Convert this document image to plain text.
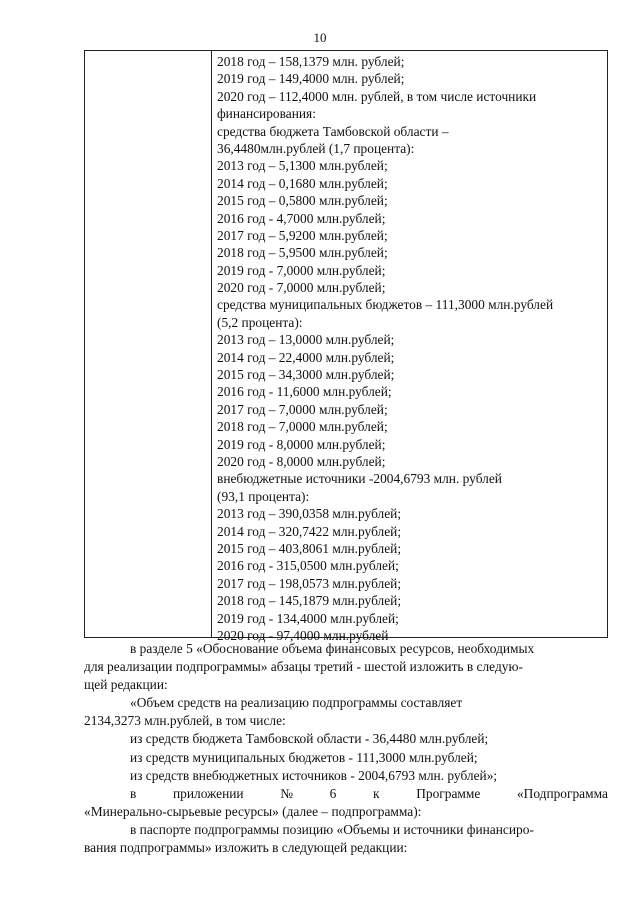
10
2018 год – 158,1379 млн. рублей;
2019 год – 149,4000 млн. рублей;
2020 год – 112,4000 млн. рублей, в том числе источники
финансирования:
средства бюджета Тамбовской области –
36,4480млн.рублей (1,7 процента):
2013 год – 5,1300 млн.рублей;
2014 год – 0,1680 млн.рублей;
2015 год – 0,5800 млн.рублей;
2016 год - 4,7000 млн.рублей;
2017 год – 5,9200 млн.рублей;
2018 год – 5,9500 млн.рублей;
2019 год - 7,0000 млн.рублей;
2020 год - 7,0000 млн.рублей;
средства муниципальных бюджетов – 111,3000 млн.рублей
(5,2 процента):
2013 год – 13,0000 млн.рублей;
2014 год – 22,4000 млн.рублей;
2015 год – 34,3000 млн.рублей;
2016 год - 11,6000 млн.рублей;
2017 год – 7,0000 млн.рублей;
2018 год – 7,0000 млн.рублей;
2019 год - 8,0000 млн.рублей;
2020 год - 8,0000 млн.рублей;
внебюджетные источники -2004,6793 млн. рублей
(93,1 процента):
2013 год – 390,0358 млн.рублей;
2014 год – 320,7422 млн.рублей;
2015 год – 403,8061 млн.рублей;
2016 год - 315,0500 млн.рублей;
2017 год – 198,0573 млн.рублей;
2018 год – 145,1879 млн.рублей;
2019 год - 134,4000 млн.рублей;
2020 год - 97,4000 млн.рублей
в разделе 5 «Обоснование объема финансовых ресурсов, необходимых
для реализации подпрограммы» абзацы третий - шестой изложить в следую-
щей редакции:
«Объем средств на реализацию подпрограммы составляет
2134,3273 млн.рублей, в том числе:
из средств бюджета Тамбовской области - 36,4480 млн.рублей;
из средств муниципальных бюджетов - 111,3000 млн.рублей;
из средств внебюджетных источников - 2004,6793 млн. рублей»;
в	приложении	№	6	к	Программе	«Подпрограмма
«Минерально-сырьевые ресурсы» (далее – подпрограмма):
в паспорте подпрограммы позицию «Объемы и источники финансиро-
вания подпрограммы» изложить в следующей редакции:
